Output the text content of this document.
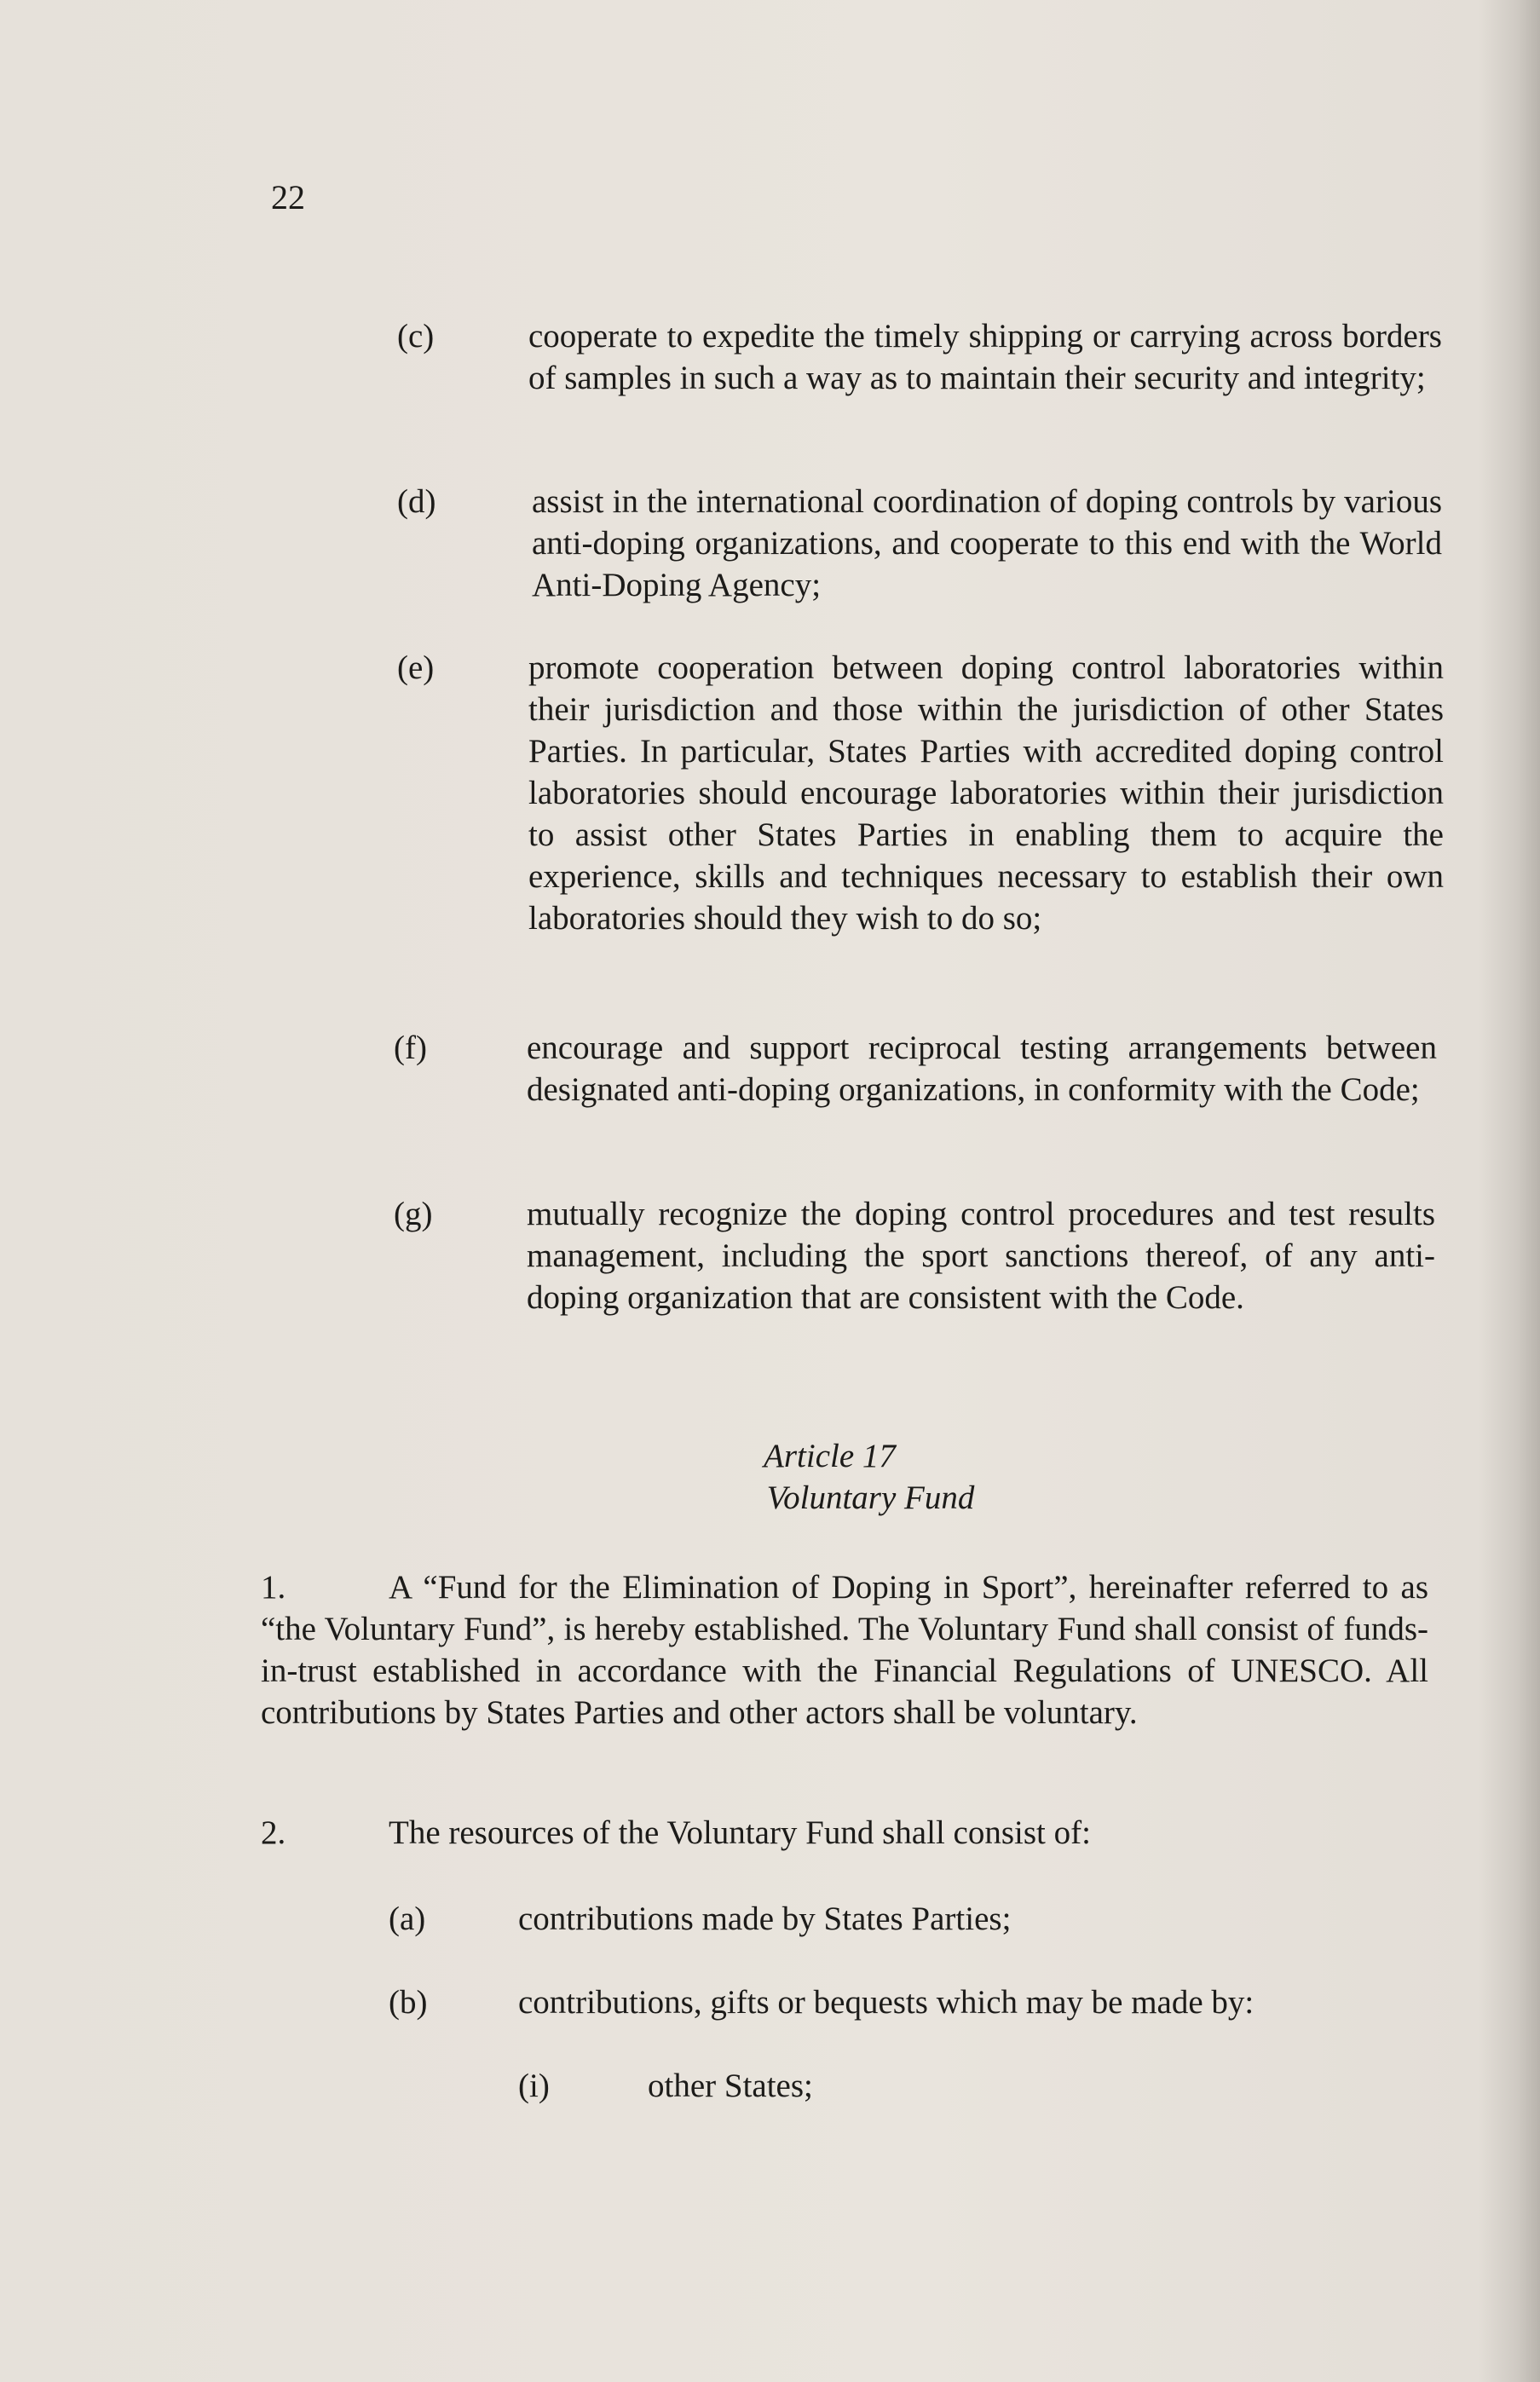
22
(c)	cooperate to expedite the timely shipping or carrying across borders of samples in such a way as to maintain their security and integrity;
(d)	assist in the international coordination of doping controls by various anti-doping organizations, and cooperate to this end with the World Anti-Doping Agency;
(e)	promote cooperation between doping control laboratories within their jurisdiction and those within the jurisdiction of other States Parties. In particular, States Parties with accredited doping control laboratories should encourage laboratories within their jurisdiction to assist other States Parties in enabling them to acquire the experience, skills and techniques necessary to establish their own laboratories should they wish to do so;
(f)	encourage and support reciprocal testing arrangements between designated anti-doping organizations, in conformity with the Code;
(g)	mutually recognize the doping control procedures and test results management, including the sport sanctions thereof, of any anti-doping organization that are consistent with the Code.
Article 17
Voluntary Fund
1.	A “Fund for the Elimination of Doping in Sport”, hereinafter referred to as “the Voluntary Fund”, is hereby established. The Voluntary Fund shall consist of funds-in-trust established in accordance with the Financial Regulations of UNESCO. All contributions by States Parties and other actors shall be voluntary.
2.	The resources of the Voluntary Fund shall consist of:
(a)	contributions made by States Parties;
(b)	contributions, gifts or bequests which may be made by:
(i)	other States;
